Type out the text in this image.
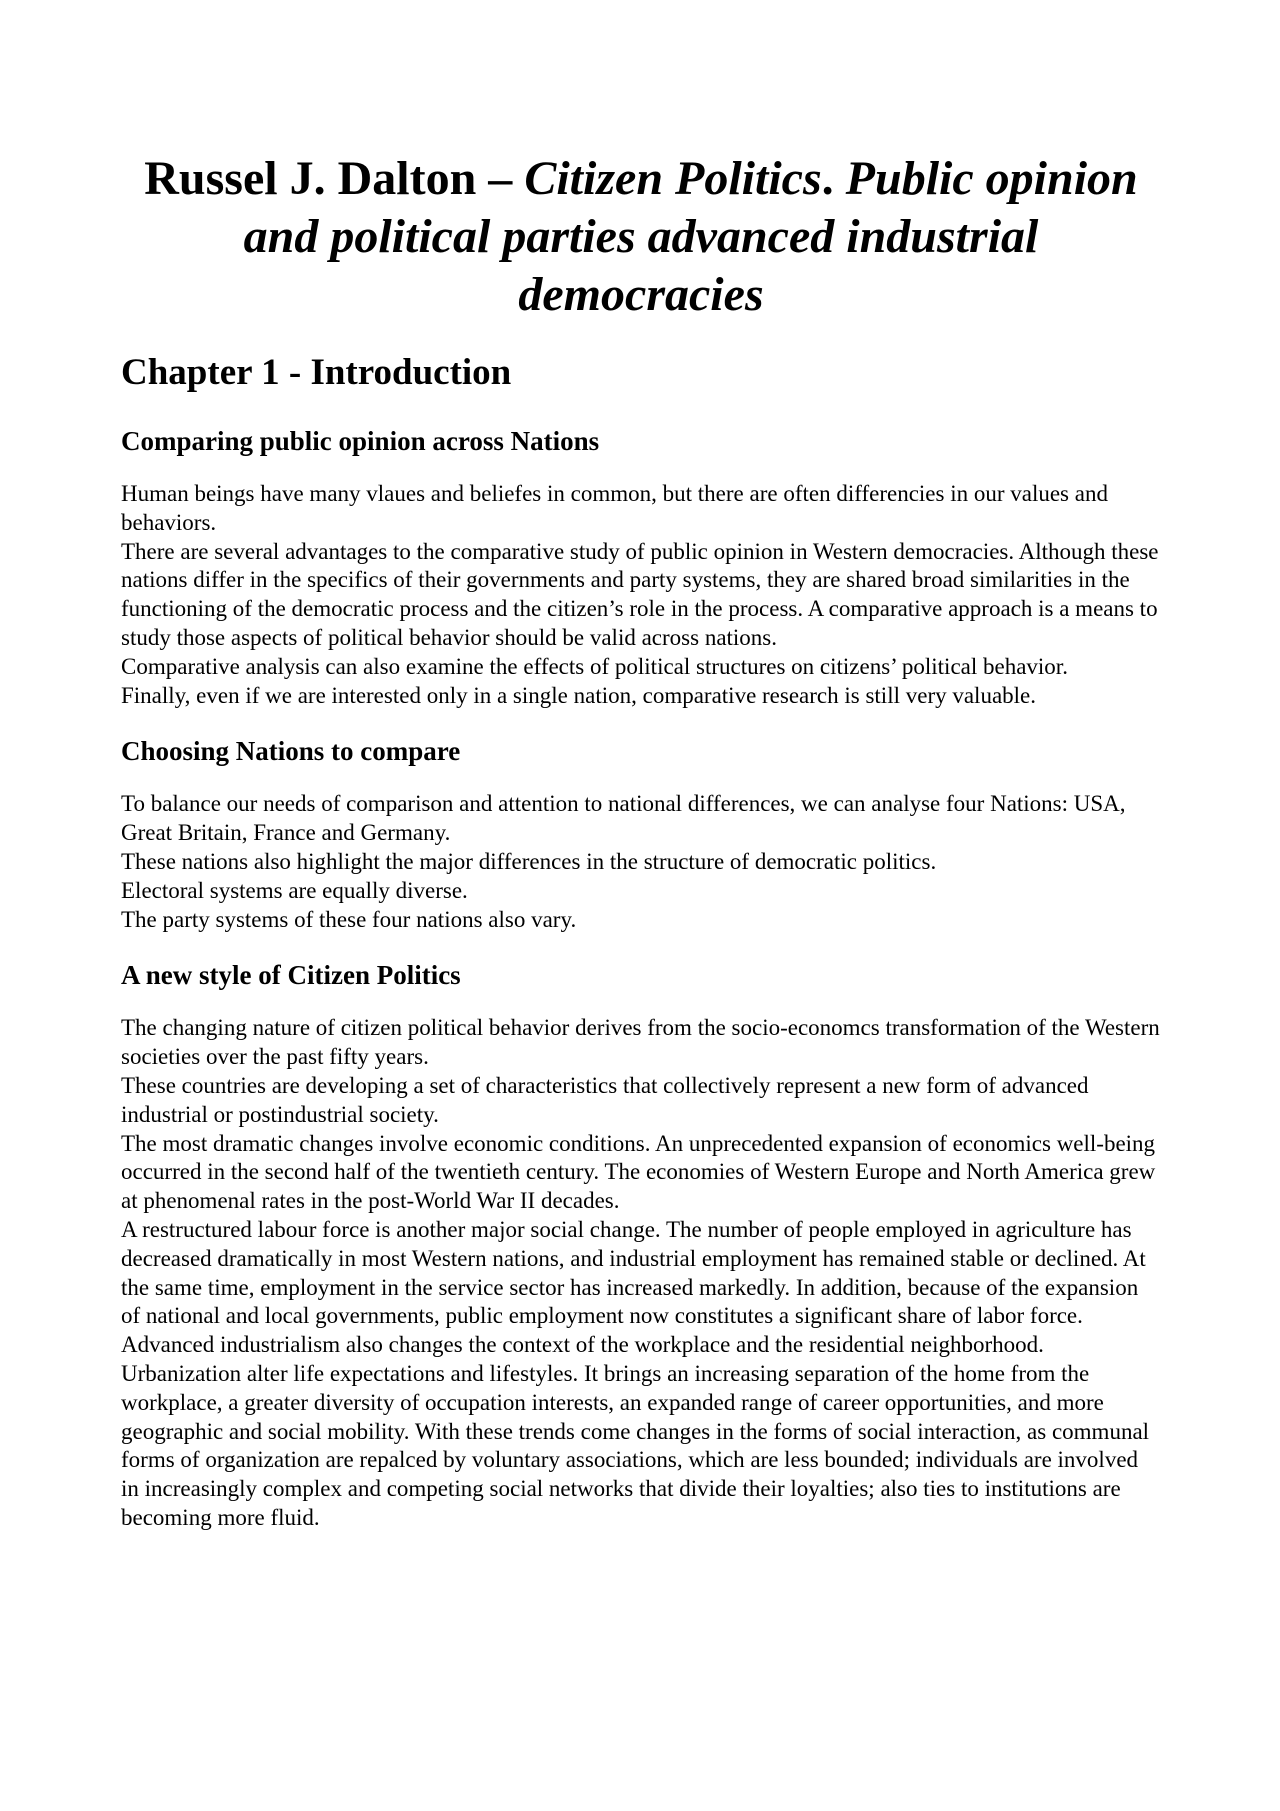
Russel J. Dalton – Citizen Politics. Public opinion and political parties advanced industrial democracies
Chapter 1 - Introduction
Comparing public opinion across Nations

Human beings have many vlaues and beliefes in common, but there are often differencies in our values and behaviors.

There are several advantages to the comparative study of public opinion in Western democracies. Although these nations differ in the specifics of their governments and party systems, they are shared broad similarities in the functioning of the democratic process and the citizen’s role in the process. A comparative approach is a means to study those aspects of political behavior should be valid across nations.

Comparative analysis can also examine the effects of political structures on citizens’ political behavior.

Finally, even if we are interested only in a single nation, comparative research is still very valuable.

Choosing Nations to compare

To balance our needs of comparison and attention to national differences, we can analyse four Nations: USA, Great Britain, France and Germany.

These nations also highlight the major differences in the structure of democratic politics.

Electoral systems are equally diverse.

The party systems of these four nations also vary.

A new style of Citizen Politics

The changing nature of citizen political behavior derives from the socio-economcs transformation of the Western societies over the past fifty years.

These countries are developing a set of characteristics that collectively represent a new form of advanced industrial or postindustrial society.

The most dramatic changes involve economic conditions. An unprecedented expansion of economics well-being occurred in the second half of the twentieth century. The economies of Western Europe and North America grew at phenomenal rates in the post-World War II decades.

A restructured labour force is another major social change. The number of people employed in agriculture has decreased dramatically in most Western nations, and industrial employment has remained stable or declined. At the same time, employment in the service sector has increased markedly. In addition, because of the expansion of national and local governments, public employment now constitutes a significant share of labor force.

Advanced industrialism also changes the context of the workplace and the residential neighborhood. Urbanization alter life expectations and lifestyles. It brings an increasing separation of the home from the workplace, a greater diversity of occupation interests, an expanded range of career opportunities, and more geographic and social mobility. With these trends come changes in the forms of social interaction, as communal forms of organization are repalced by voluntary associations, which are less bounded; individuals are involved in increasingly complex and competing social networks that divide their loyalties; also ties to institutions are becoming more fluid.
